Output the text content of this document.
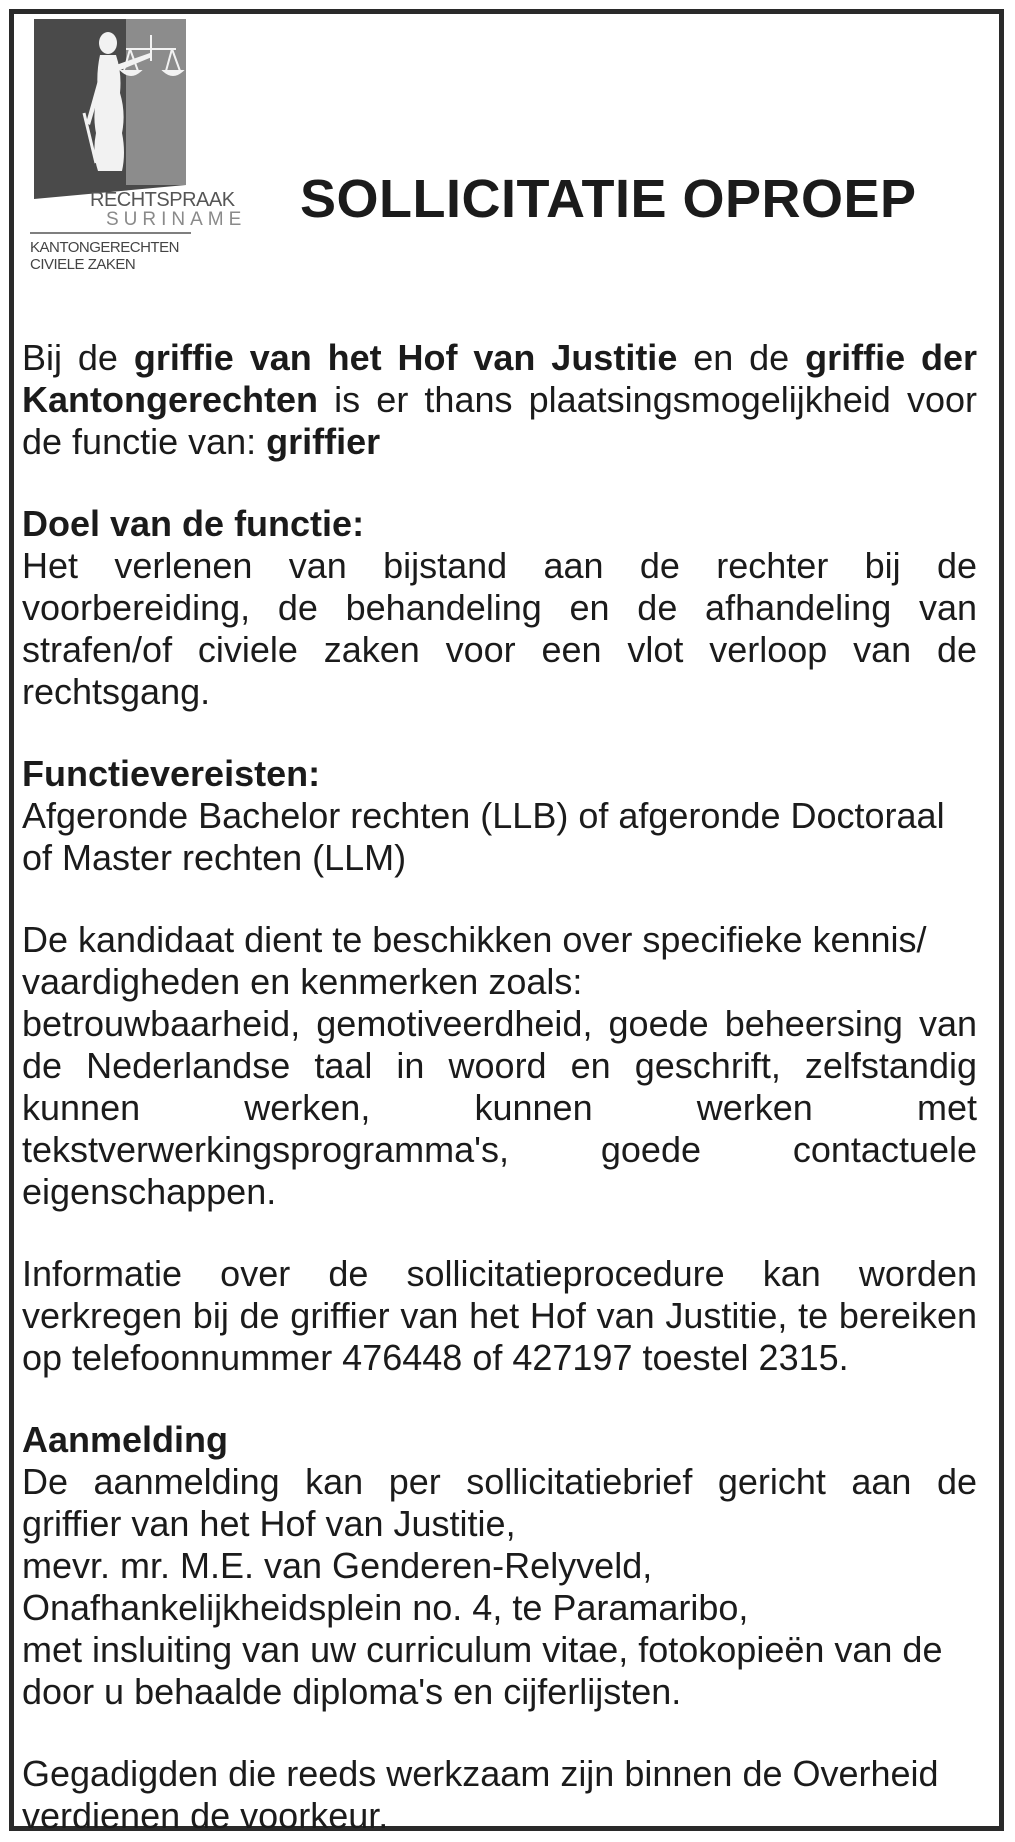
RECHTSPRAAK
SURINAME
KANTONGERECHTEN
CIVIELE ZAKEN
SOLLICITATIE OPROEP

Bij de griffie van het Hof van Justitie en de griffie der Kantongerechten is er thans plaatsingsmogelijkheid voor de functie van: griffier

Doel van de functie:
Het verlenen van bijstand aan de rechter bij de voorbereiding, de behandeling en de afhandeling van strafen/of civiele zaken voor een vlot verloop van de rechtsgang.

Functievereisten:
Afgeronde Bachelor rechten (LLB) of afgeronde Doctoraal of Master rechten (LLM)

De kandidaat dient te beschikken over specifieke kennis/ vaardigheden en kenmerken zoals:
betrouwbaarheid, gemotiveerdheid, goede beheersing van de Nederlandse taal in woord en geschrift, zelfstandig kunnen werken, kunnen werken met tekstverwerkingsprogramma's, goede contactuele eigenschappen.

Informatie over de sollicitatieprocedure kan worden verkregen bij de griffier van het Hof van Justitie, te bereiken op telefoonnummer 476448 of 427197 toestel 2315.

Aanmelding
De aanmelding kan per sollicitatiebrief gericht aan de griffier van het Hof van Justitie,
mevr. mr. M.E. van Genderen-Relyveld,
Onafhankelijkheidsplein no. 4, te Paramaribo,
met insluiting van uw curriculum vitae, fotokopieën van de door u behaalde diploma's en cijferlijsten.

Gegadigden die reeds werkzaam zijn binnen de Overheid verdienen de voorkeur.
